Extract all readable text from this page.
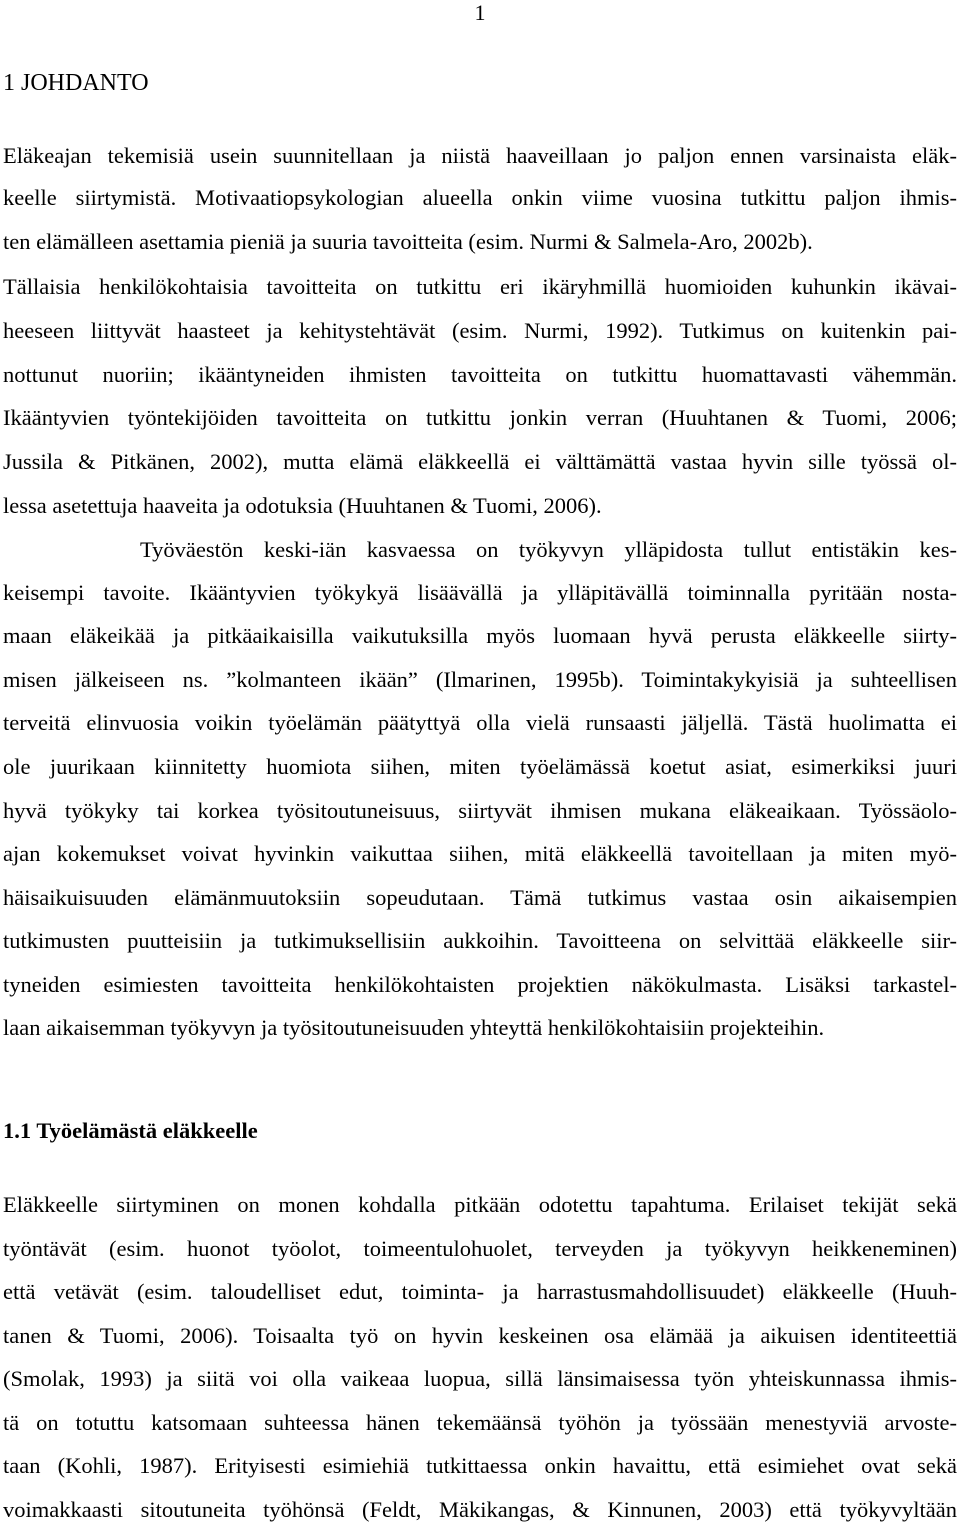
1
1 JOHDANTO
Eläkeajan tekemisiä usein suunnitellaan ja niistä haaveillaan jo paljon ennen varsinaista eläk-
keelle siirtymistä. Motivaatiopsykologian alueella onkin viime vuosina tutkittu paljon ihmis-
ten elämälleen asettamia pieniä ja suuria tavoitteita (esim. Nurmi & Salmela-Aro, 2002b).
Tällaisia henkilökohtaisia tavoitteita on tutkittu eri ikäryhmillä huomioiden kuhunkin ikävai-
heeseen liittyvät haasteet ja kehitystehtävät (esim. Nurmi, 1992). Tutkimus on kuitenkin pai-
nottunut nuoriin; ikääntyneiden ihmisten tavoitteita on tutkittu huomattavasti vähemmän.
Ikääntyvien työntekijöiden tavoitteita on tutkittu jonkin verran (Huuhtanen & Tuomi, 2006;
Jussila & Pitkänen, 2002), mutta elämä eläkkeellä ei välttämättä vastaa hyvin sille työssä ol-
lessa asetettuja haaveita ja odotuksia (Huuhtanen & Tuomi, 2006).
Työväestön keski-iän kasvaessa on työkyvyn ylläpidosta tullut entistäkin kes-
keisempi tavoite. Ikääntyvien työkykyä lisäävällä ja ylläpitävällä toiminnalla pyritään nosta-
maan eläkeikää ja pitkäaikaisilla vaikutuksilla myös luomaan hyvä perusta eläkkeelle siirty-
misen jälkeiseen ns. ”kolmanteen ikään” (Ilmarinen, 1995b). Toimintakykyisiä ja suhteellisen
terveitä elinvuosia voikin työelämän päätyttyä olla vielä runsaasti jäljellä. Tästä huolimatta ei
ole juurikaan kiinnitetty huomiota siihen, miten työelämässä koetut asiat, esimerkiksi juuri
hyvä työkyky tai korkea työsitoutuneisuus, siirtyvät ihmisen mukana eläkeaikaan. Työssäolo-
ajan kokemukset voivat hyvinkin vaikuttaa siihen, mitä eläkkeellä tavoitellaan ja miten myö-
häisaikuisuuden elämänmuutoksiin sopeudutaan. Tämä tutkimus vastaa osin aikaisempien
tutkimusten puutteisiin ja tutkimuksellisiin aukkoihin. Tavoitteena on selvittää eläkkeelle siir-
tyneiden esimiesten tavoitteita henkilökohtaisten projektien näkökulmasta. Lisäksi tarkastel-
laan aikaisemman työkyvyn ja työsitoutuneisuuden yhteyttä henkilökohtaisiin projekteihin.
1.1 Työelämästä eläkkeelle
Eläkkeelle siirtyminen on monen kohdalla pitkään odotettu tapahtuma. Erilaiset tekijät sekä
työntävät (esim. huonot työolot, toimeentulohuolet, terveyden ja työkyvyn heikkeneminen)
että vetävät (esim. taloudelliset edut, toiminta- ja harrastusmahdollisuudet) eläkkeelle (Huuh-
tanen & Tuomi, 2006). Toisaalta työ on hyvin keskeinen osa elämää ja aikuisen identiteettiä
(Smolak, 1993) ja siitä voi olla vaikeaa luopua, sillä länsimaisessa työn yhteiskunnassa ihmis-
tä on totuttu katsomaan suhteessa hänen tekemäänsä työhön ja työssään menestyviä arvoste-
taan (Kohli, 1987). Erityisesti esimiehiä tutkittaessa onkin havaittu, että esimiehet ovat sekä
voimakkaasti sitoutuneita työhönsä (Feldt, Mäkikangas, & Kinnunen, 2003) että työkyvyltään
